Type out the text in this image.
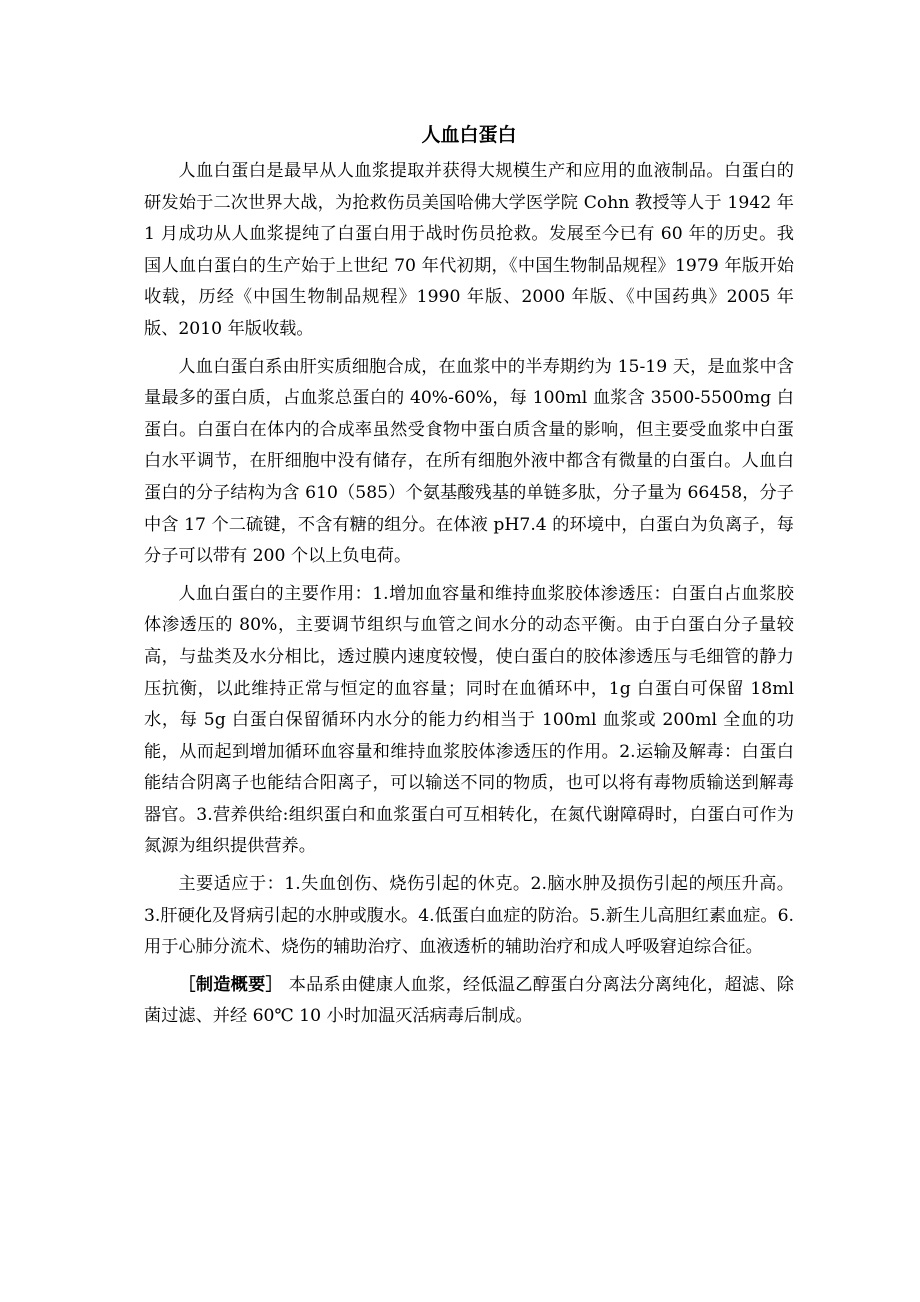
人血白蛋白

人血白蛋白是最早从人血浆提取并获得大规模生产和应用的血液制品。白蛋白的研发始于二次世界大战，为抢救伤员美国哈佛大学医学院 Cohn 教授等人于 1942 年 1 月成功从人血浆提纯了白蛋白用于战时伤员抢救。发展至今已有 60 年的历史。我国人血白蛋白的生产始于上世纪 70 年代初期，《中国生物制品规程》1979 年版开始收载，历经《中国生物制品规程》1990 年版、2000 年版、《中国药典》2005 年版、2010 年版收载。

人血白蛋白系由肝实质细胞合成，在血浆中的半寿期约为 15-19 天，是血浆中含量最多的蛋白质，占血浆总蛋白的 40%-60%，每 100ml 血浆含 3500-5500mg 白蛋白。白蛋白在体内的合成率虽然受食物中蛋白质含量的影响，但主要受血浆中白蛋白水平调节，在肝细胞中没有储存，在所有细胞外液中都含有微量的白蛋白。人血白蛋白的分子结构为含 610（585）个氨基酸残基的单链多肽，分子量为 66458，分子中含 17 个二硫键，不含有糖的组分。在体液 pH7.4 的环境中，白蛋白为负离子，每分子可以带有 200 个以上负电荷。

人血白蛋白的主要作用：1.增加血容量和维持血浆胶体渗透压：白蛋白占血浆胶体渗透压的 80%，主要调节组织与血管之间水分的动态平衡。由于白蛋白分子量较高，与盐类及水分相比，透过膜内速度较慢，使白蛋白的胶体渗透压与毛细管的静力压抗衡，以此维持正常与恒定的血容量；同时在血循环中，1g 白蛋白可保留 18ml 水，每 5g 白蛋白保留循环内水分的能力约相当于 100ml 血浆或 200ml 全血的功能，从而起到增加循环血容量和维持血浆胶体渗透压的作用。2.运输及解毒：白蛋白能结合阴离子也能结合阳离子，可以输送不同的物质，也可以将有毒物质输送到解毒器官。3.营养供给:组织蛋白和血浆蛋白可互相转化，在氮代谢障碍时，白蛋白可作为氮源为组织提供营养。

主要适应于：1.失血创伤、烧伤引起的休克。2.脑水肿及损伤引起的颅压升高。3.肝硬化及肾病引起的水肿或腹水。4.低蛋白血症的防治。5.新生儿高胆红素血症。6.用于心肺分流术、烧伤的辅助治疗、血液透析的辅助治疗和成人呼吸窘迫综合征。

［制造概要］ 本品系由健康人血浆，经低温乙醇蛋白分离法分离纯化，超滤、除菌过滤、并经 60℃ 10 小时加温灭活病毒后制成。
